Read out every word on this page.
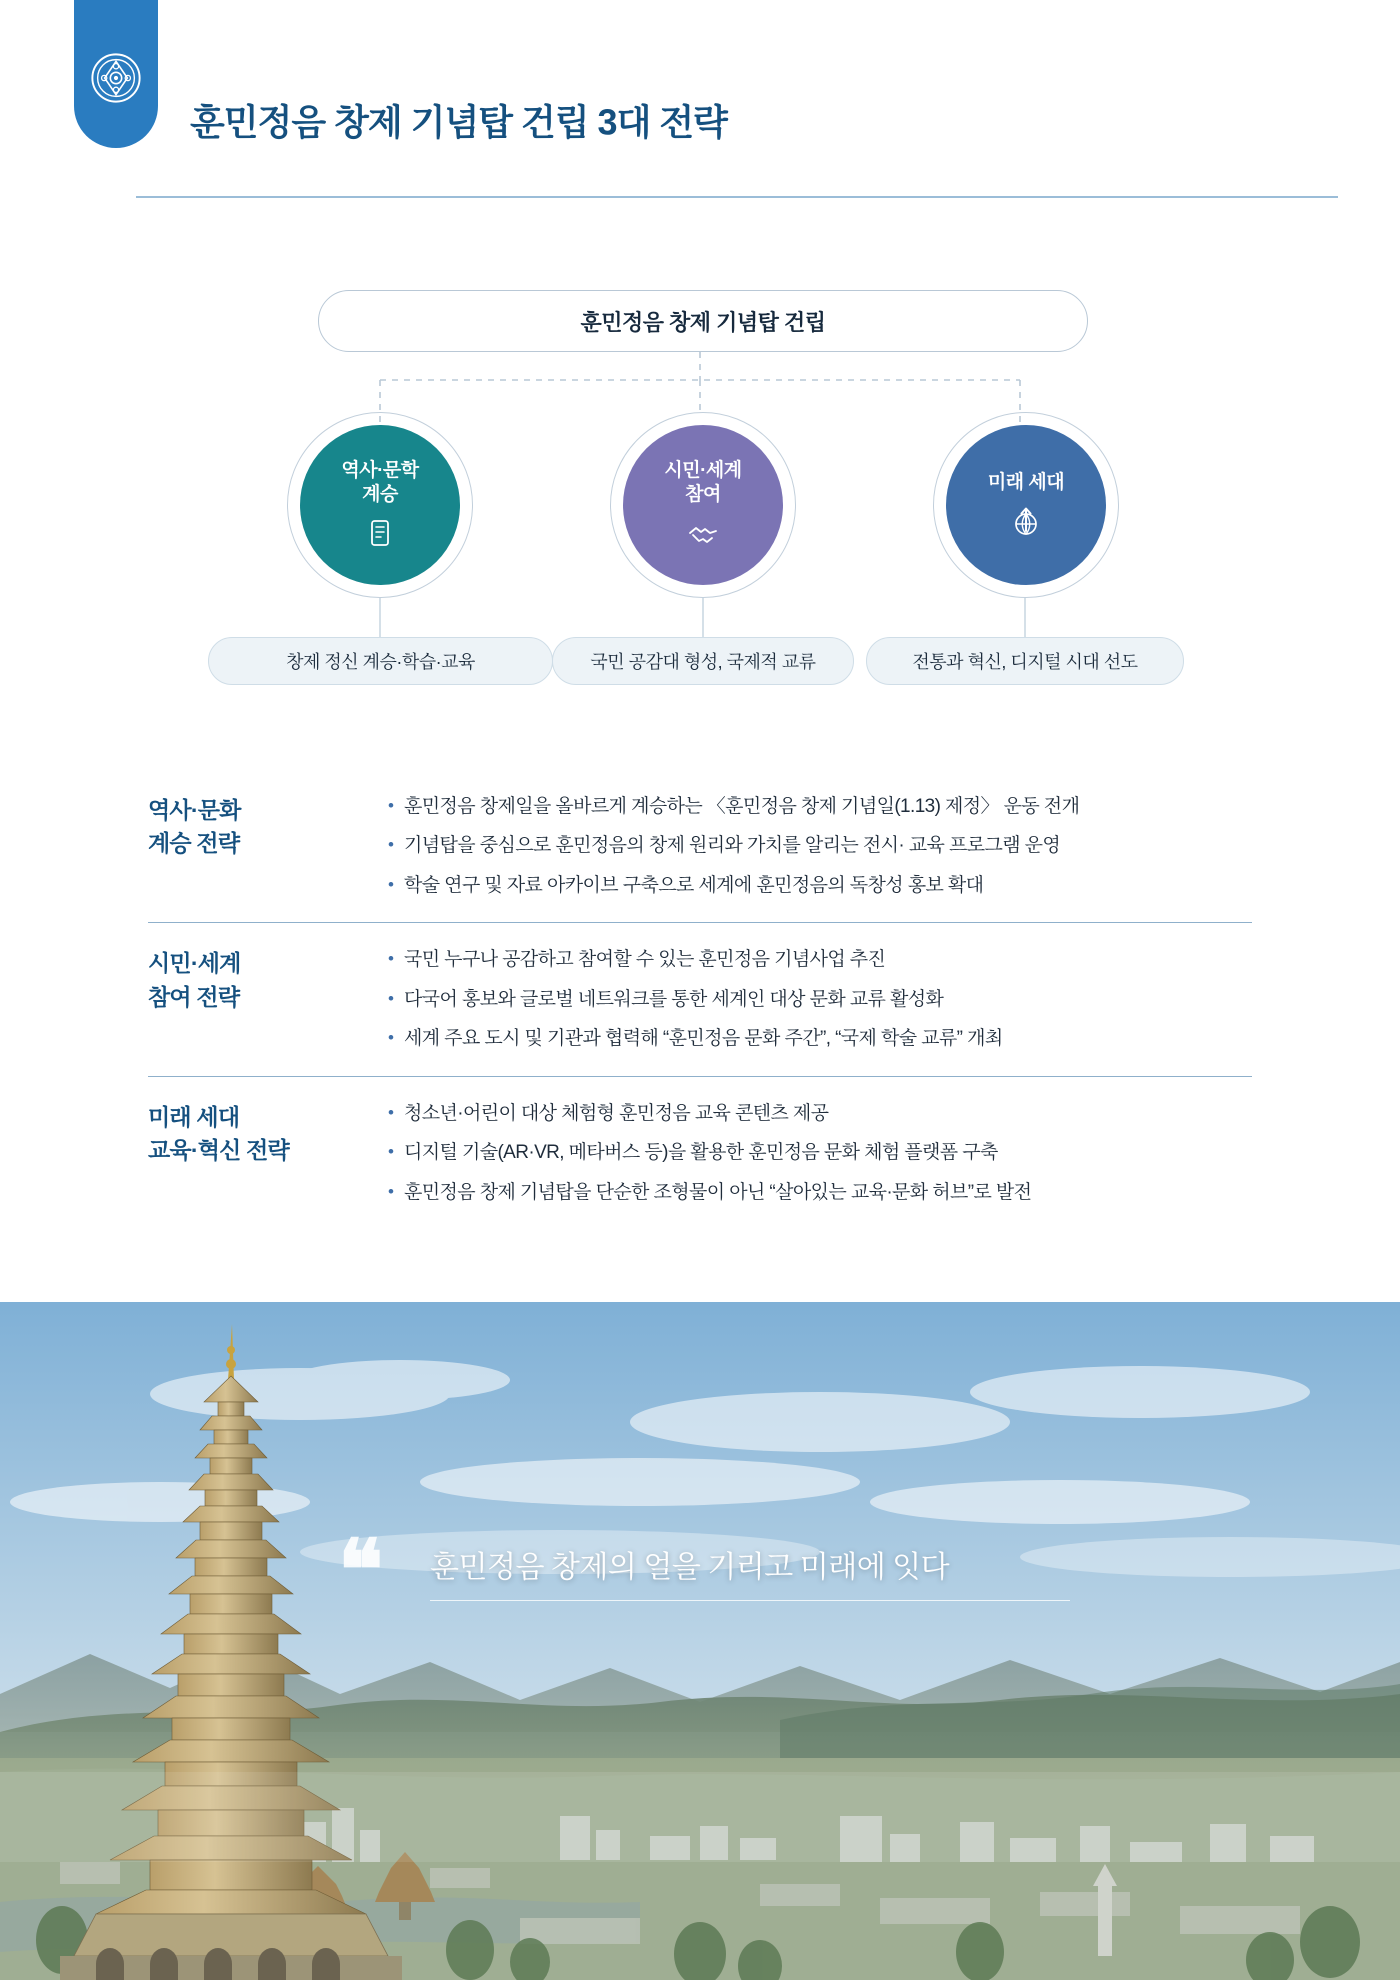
훈민정음 창제 기념탑 건립 3대 전략
훈민정음 창제 기념탑 건립
역사·문학
계승
시민·세계
참여
미래 세대
창제 정신 계승·학습·교육	국민 공감대 형성, 국제적 교류	전통과 혁신, 디지털 시대 선도
역사·문화
계승 전략
• 훈민정음 창제일을 올바르게 계승하는 〈훈민정음 창제 기념일(1.13) 제정〉 운동 전개
• 기념탑을 중심으로 훈민정음의 창제 원리와 가치를 알리는 전시· 교육 프로그램 운영
• 학술 연구 및 자료 아카이브 구축으로 세계에 훈민정음의 독창성 홍보 확대
시민·세계
참여 전략
• 국민 누구나 공감하고 참여할 수 있는 훈민정음 기념사업 추진
• 다국어 홍보와 글로벌 네트워크를 통한 세계인 대상 문화 교류 활성화
• 세계 주요 도시 및 기관과 협력해 “훈민정음 문화 주간”, “국제 학술 교류” 개최
미래 세대
교육·혁신 전략
• 청소년·어린이 대상 체험형 훈민정음 교육 콘텐츠 제공
• 디지털 기술(AR·VR, 메타버스 등)을 활용한 훈민정음 문화 체험 플랫폼 구축
• 훈민정음 창제 기념탑을 단순한 조형물이 아닌 “살아있는 교육·문화 허브”로 발전
❝ 훈민정음 창제의 얼을 기리고 미래에 잇다
